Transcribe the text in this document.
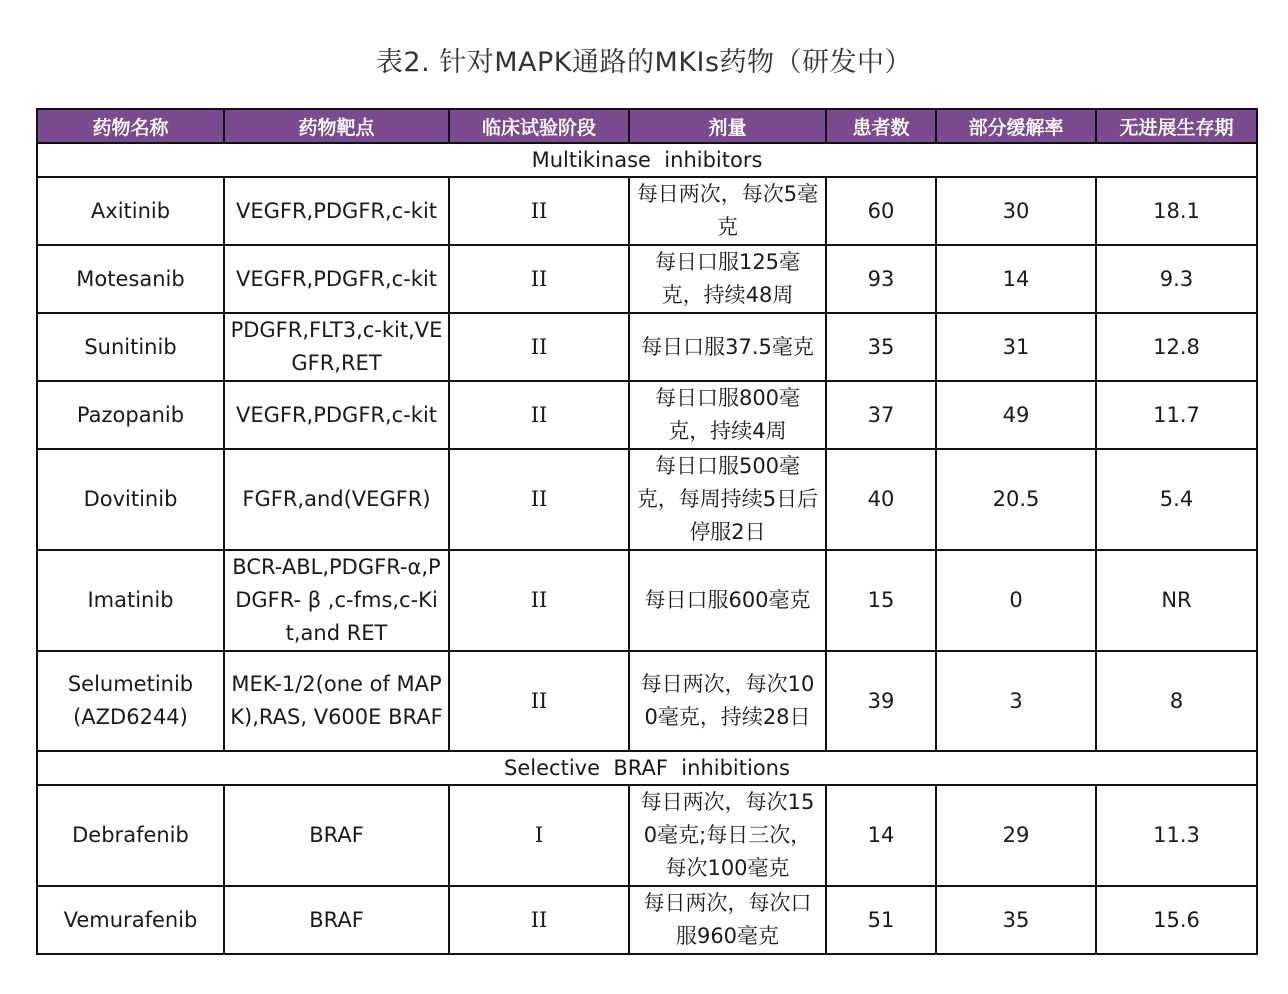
表2. 针对MAPK通路的MKIs药物（研发中）
药物名称	药物靶点	临床试验阶段	剂量	患者数	部分缓解率	无进展生存期
Multikinase  inhibitors						
Axitinib	VEGFR,PDGFR,c-kit	II	每日两次，每次5毫克	60	30	18.1
Motesanib	VEGFR,PDGFR,c-kit	II	每日口服125毫克，持续48周	93	14	9.3
Sunitinib	PDGFR,FLT3,c-kit,VEGFR,RET	II	每日口服37.5毫克	35	31	12.8
Pazopanib	VEGFR,PDGFR,c-kit	II	每日口服800毫克，持续4周	37	49	11.7
Dovitinib	FGFR,and(VEGFR)	II	每日口服500毫克，每周持续5日后停服2日	40	20.5	5.4
Imatinib	BCR-ABL,PDGFR-α,PDGFR- β ,c-fms,c-Kit,and RET	II	每日口服600毫克	15	0	NR
Selumetinib (AZD6244)	MEK-1/2(one of MAPK),RAS, V600E BRAF	II	每日两次，每次100毫克，持续28日	39	3	8
Selective  BRAF  inhibitions						
Debrafenib	BRAF	I	每日两次，每次150毫克;每日三次，每次100毫克	14	29	11.3
Vemurafenib	BRAF	II	每日两次，每次口服960毫克	51	35	15.6
